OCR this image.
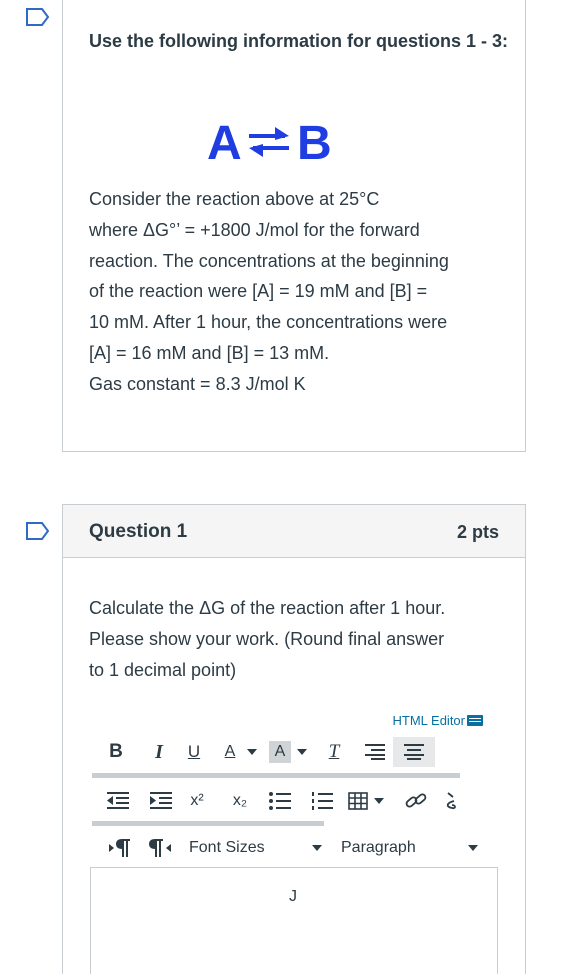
Use the following information for questions 1 - 3:
A B
Consider the reaction above at 25°C
where ΔG°’ = +1800 J/mol for the forward
reaction. The concentrations at the beginning
of the reaction were [A] = 19 mM and [B] =
10 mM. After 1 hour, the concentrations were
[A] = 16 mM and [B] = 13 mM.
Gas constant = 8.3 J/mol K
Question 1	2 pts
Calculate the ΔG of the reaction after 1 hour.
Please show your work. (Round final answer
to 1 decimal point)
HTML Editor
B	I	U	A	A	T
x²	x₂
Font Sizes	Paragraph
J
